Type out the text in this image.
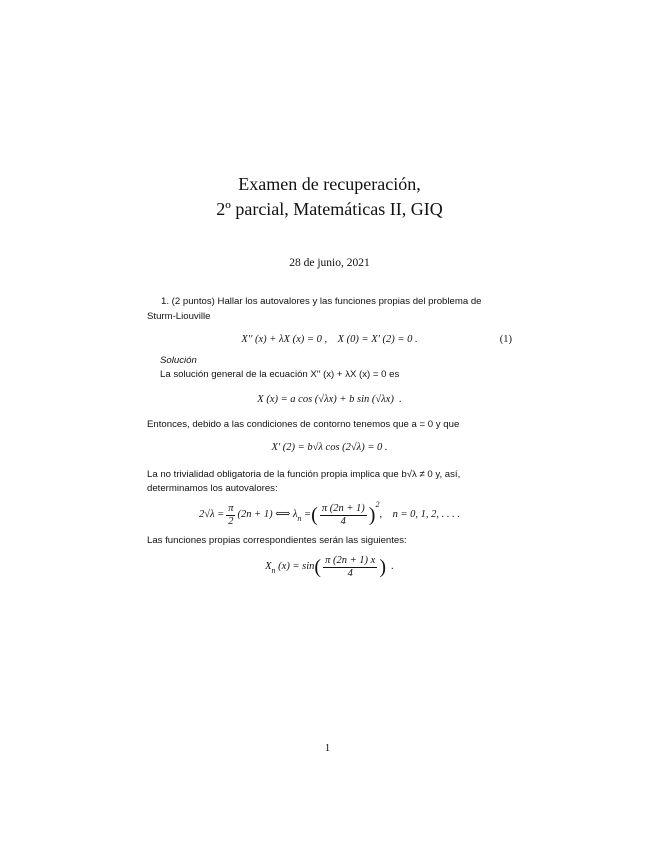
Examen de recuperación,
2º parcial, Matemáticas II, GIQ
28 de junio, 2021
1. (2 puntos) Hallar los autovalores y las funciones propias del problema de Sturm-Liouville
X′′ (x) + λX (x) = 0 ,    X (0) = X′ (2) = 0 .	(1)
Solución
La solución general de la ecuación X′′ (x) + λX (x) = 0 es
X (x) = a cos (√λx) + b sin (√λx)  .
Entonces, debido a las condiciones de contorno tenemos que a = 0 y que
X′ (2) = b√λ cos (2√λ) = 0 .
La no trivialidad obligatoria de la función propia implica que b√λ ≠ 0 y, así, determinamos los autovalores:
$2√\lambda = \frac{\pi}{2} (2n + 1)$ ⟺ λ n = ( $\frac{\pi (2n + 1)}{4}$ ) 2
,    n = 0, 1, 2, . . . .
Las funciones propias correspondientes serán las siguientes:
X n (x) = sin ( $\frac{\pi (2n + 1) x}{4}$ ) .
1
